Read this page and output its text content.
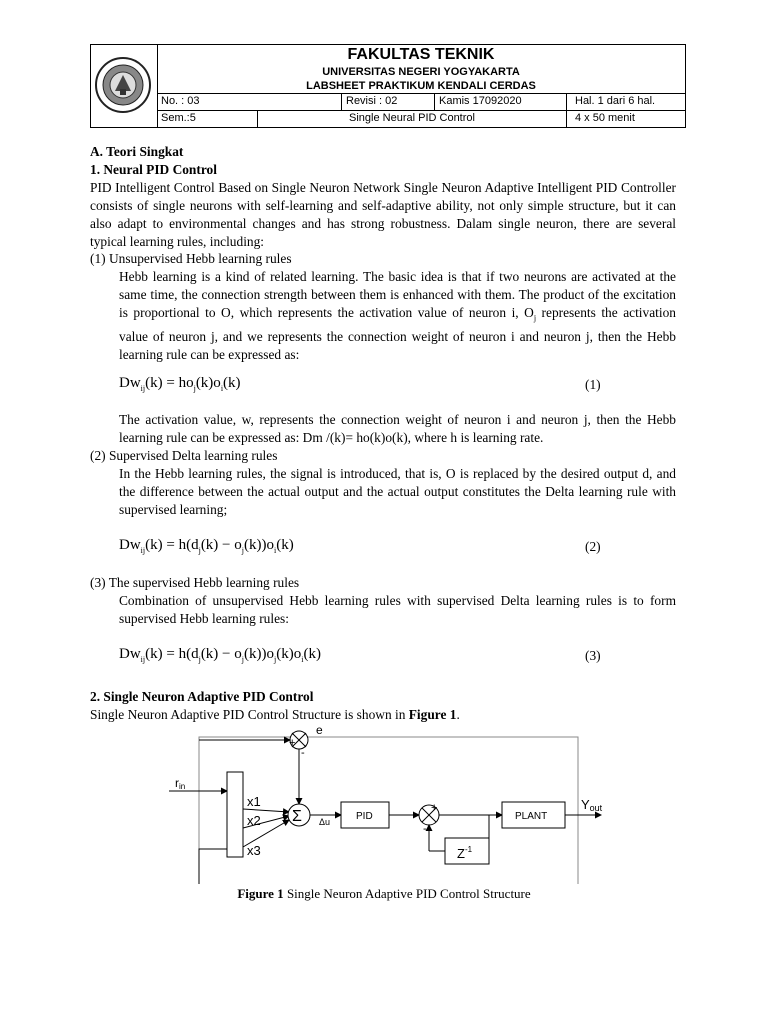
FAKULTAS TEKNIK
UNIVERSITAS NEGERI YOGYAKARTA
LABSHEET PRAKTIKUM KENDALI CERDAS
No. : 03	Revisi : 02	Kamis 17092020	Hal. 1 dari 6 hal.
Sem.:5	Single Neural PID Control	4 x 50 menit
A. Teori Singkat
1. Neural PID Control
PID Intelligent Control Based on Single Neuron Network Single Neuron Adaptive Intelligent PID Controller consists of single neurons with self-learning and self-adaptive ability, not only simple structure, but it can also adapt to environmental changes and has strong robustness. Dalam single neuron, there are several typical learning rules, including:
(1) Unsupervised Hebb learning rules
Hebb learning is a kind of related learning. The basic idea is that if two neurons are activated at the same time, the connection strength between them is enhanced with them. The product of the excitation is proportional to O, which represents the activation value of neuron i, $O_j$ represents the activation value of neuron j, and we represents the connection weight of neuron i and neuron j, then the Hebb learning rule can be expressed as:
$Dw_{ij}(k) = ho_j(k)o_i(k)$	(1)
The activation value, w, represents the connection weight of neuron i and neuron j, then the Hebb learning rule can be expressed as: Dm /(k)= ho(k)o(k), where h is learning rate.
(2) Supervised Delta learning rules
In the Hebb learning rules, the signal is introduced, that is, O is replaced by the desired output d, and the difference between the actual output and the actual output constitutes the Delta learning rule with supervised learning;
$Dw_{ij}(k) = h(d_j(k) - o_j(k))o_i(k)$	(2)
(3) The supervised Hebb learning rules
Combination of unsupervised Hebb learning rules with supervised Delta learning rules is to form supervised Hebb learning rules:
$Dw_{ij}(k) = h(d_j(k) - o_j(k))o_j(k)o_i(k)$	(3)
2. Single Neuron Adaptive PID Control
Single Neuron Adaptive PID Control Structure is shown in Figure 1.
e
+
-
rin
x1
x2
x3
Σ Δu	PID
+
-
PLANT
Yout
$Z^{-1}$
Figure 1 Single Neuron Adaptive PID Control Structure
